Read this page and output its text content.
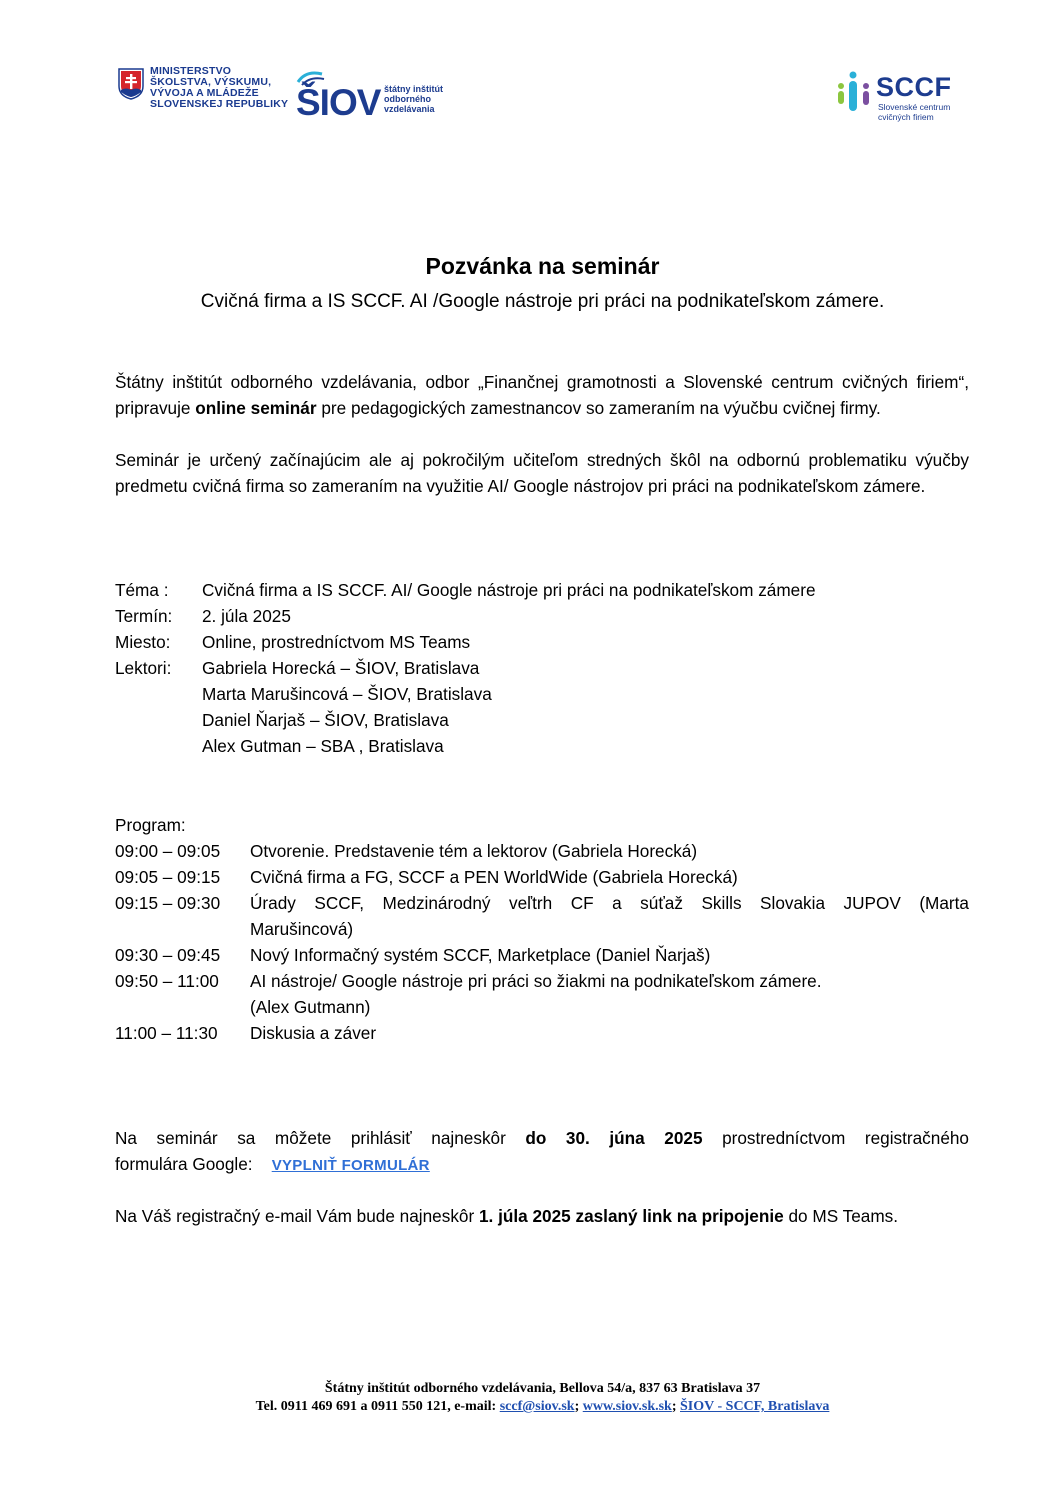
MINISTERSTVO
ŠKOLSTVA, VÝSKUMU,
VÝVOJA A MLÁDEŽE
SLOVENSKEJ REPUBLIKY ŠIOV štátny inštitút
odborného
vzdelávania
SCCF
Slovenské centrum
cvičných firiem
Pozvánka na seminár
Cvičná firma a IS SCCF. AI /Google nástroje pri práci na podnikateľskom zámere.
Štátny inštitút odborného vzdelávania, odbor „Finančnej gramotnosti a Slovenské centrum cvičných firiem“, pripravuje online seminár pre pedagogických zamestnancov so zameraním na výučbu cvičnej firmy.
Seminár je určený začínajúcim ale aj pokročilým učiteľom stredných škôl na odbornú problematiku výučby predmetu cvičná firma so zameraním na využitie AI/ Google nástrojov pri práci na podnikateľskom zámere.
Téma : Cvičná firma a IS SCCF. AI/ Google nástroje pri práci na podnikateľskom zámere
Termín: 2. júla 2025
Miesto: Online, prostredníctvom MS Teams
Lektori: Gabriela Horecká – ŠIOV, Bratislava
Marta Marušincová – ŠIOV, Bratislava
Daniel Ňarjaš – ŠIOV, Bratislava
Alex Gutman – SBA , Bratislava
Program:
09:00 – 09:05 Otvorenie. Predstavenie tém a lektorov (Gabriela Horecká)
09:05 – 09:15 Cvičná firma a FG, SCCF a PEN WorldWide (Gabriela Horecká)
09:15 – 09:30 Úrady SCCF, Medzinárodný veľtrh CF a súťaž Skills Slovakia JUPOV (Marta
Marušincová)
09:30 – 09:45 Nový Informačný systém SCCF, Marketplace (Daniel Ňarjaš)
09:50 – 11:00 AI nástroje/ Google nástroje pri práci so žiakmi na podnikateľskom zámere.
(Alex Gutmann)
11:00 – 11:30 Diskusia a záver
Na seminár sa môžete prihlásiť najneskôr do 30. júna 2025 prostredníctvom registračného
formulára Google: VYPLNIŤ FORMULÁR
Na Váš registračný e-mail Vám bude najneskôr 1. júla 2025 zaslaný link na pripojenie do MS Teams.
Štátny inštitút odborného vzdelávania, Bellova 54/a, 837 63 Bratislava 37
Tel. 0911 469 691 a 0911 550 121, e-mail: sccf@siov.sk; www.siov.sk.sk; ŠIOV - SCCF, Bratislava
